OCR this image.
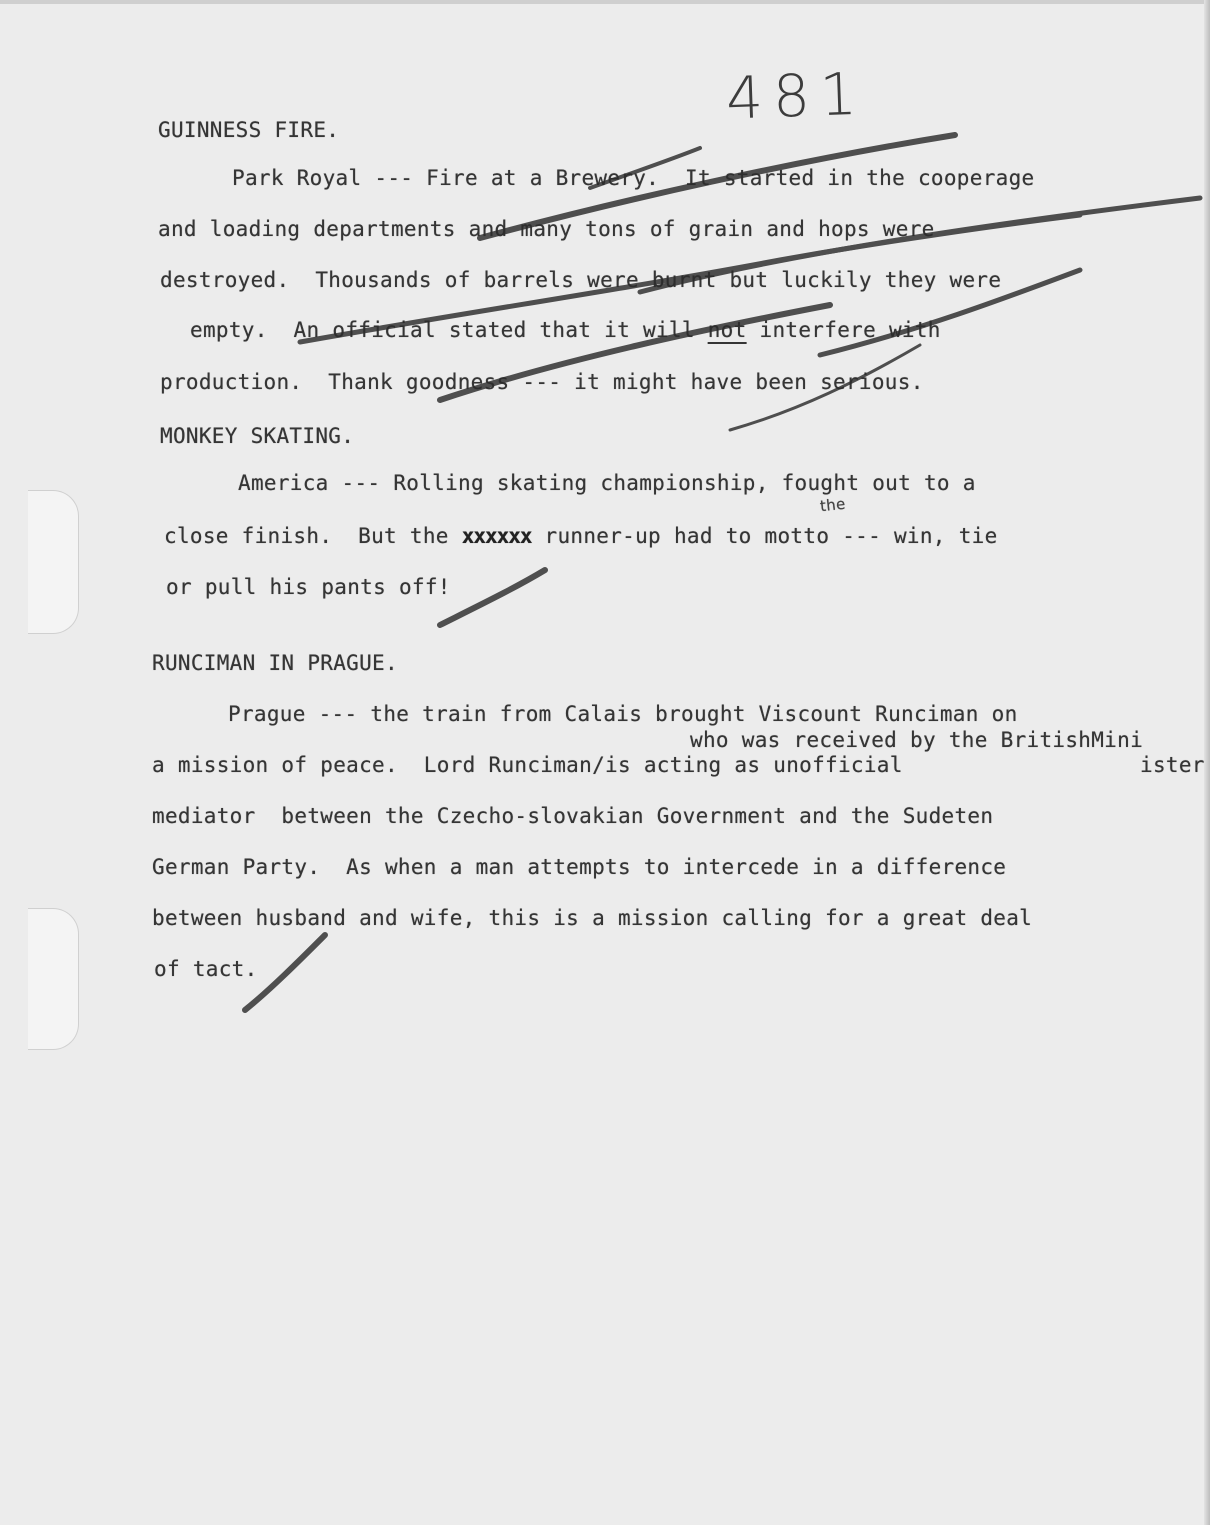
481
GUINNESS FIRE.
Park Royal --- Fire at a Brewery.  It started in the cooperage
and loading departments and many tons of grain and hops were
destroyed.  Thousands of barrels were burnt but luckily they were
empty.  An official stated that it will not interfere with
production.  Thank goodness --- it might have been serious.
MONKEY SKATING.
America --- Rolling skating championship, fought out to a
close finish.  But the xxxxxx runner-up had to motto --- win, tie
the
or pull his pants off!
RUNCIMAN IN PRAGUE.
Prague --- the train from Calais brought Viscount Runciman on
who was received by the BritishMini
a mission of peace.  Lord Runciman/is acting as unofficial	ister
mediator  between the Czecho-slovakian Government and the Sudeten
German Party.  As when a man attempts to intercede in a difference
between husband and wife, this is a mission calling for a great deal
of tact.
